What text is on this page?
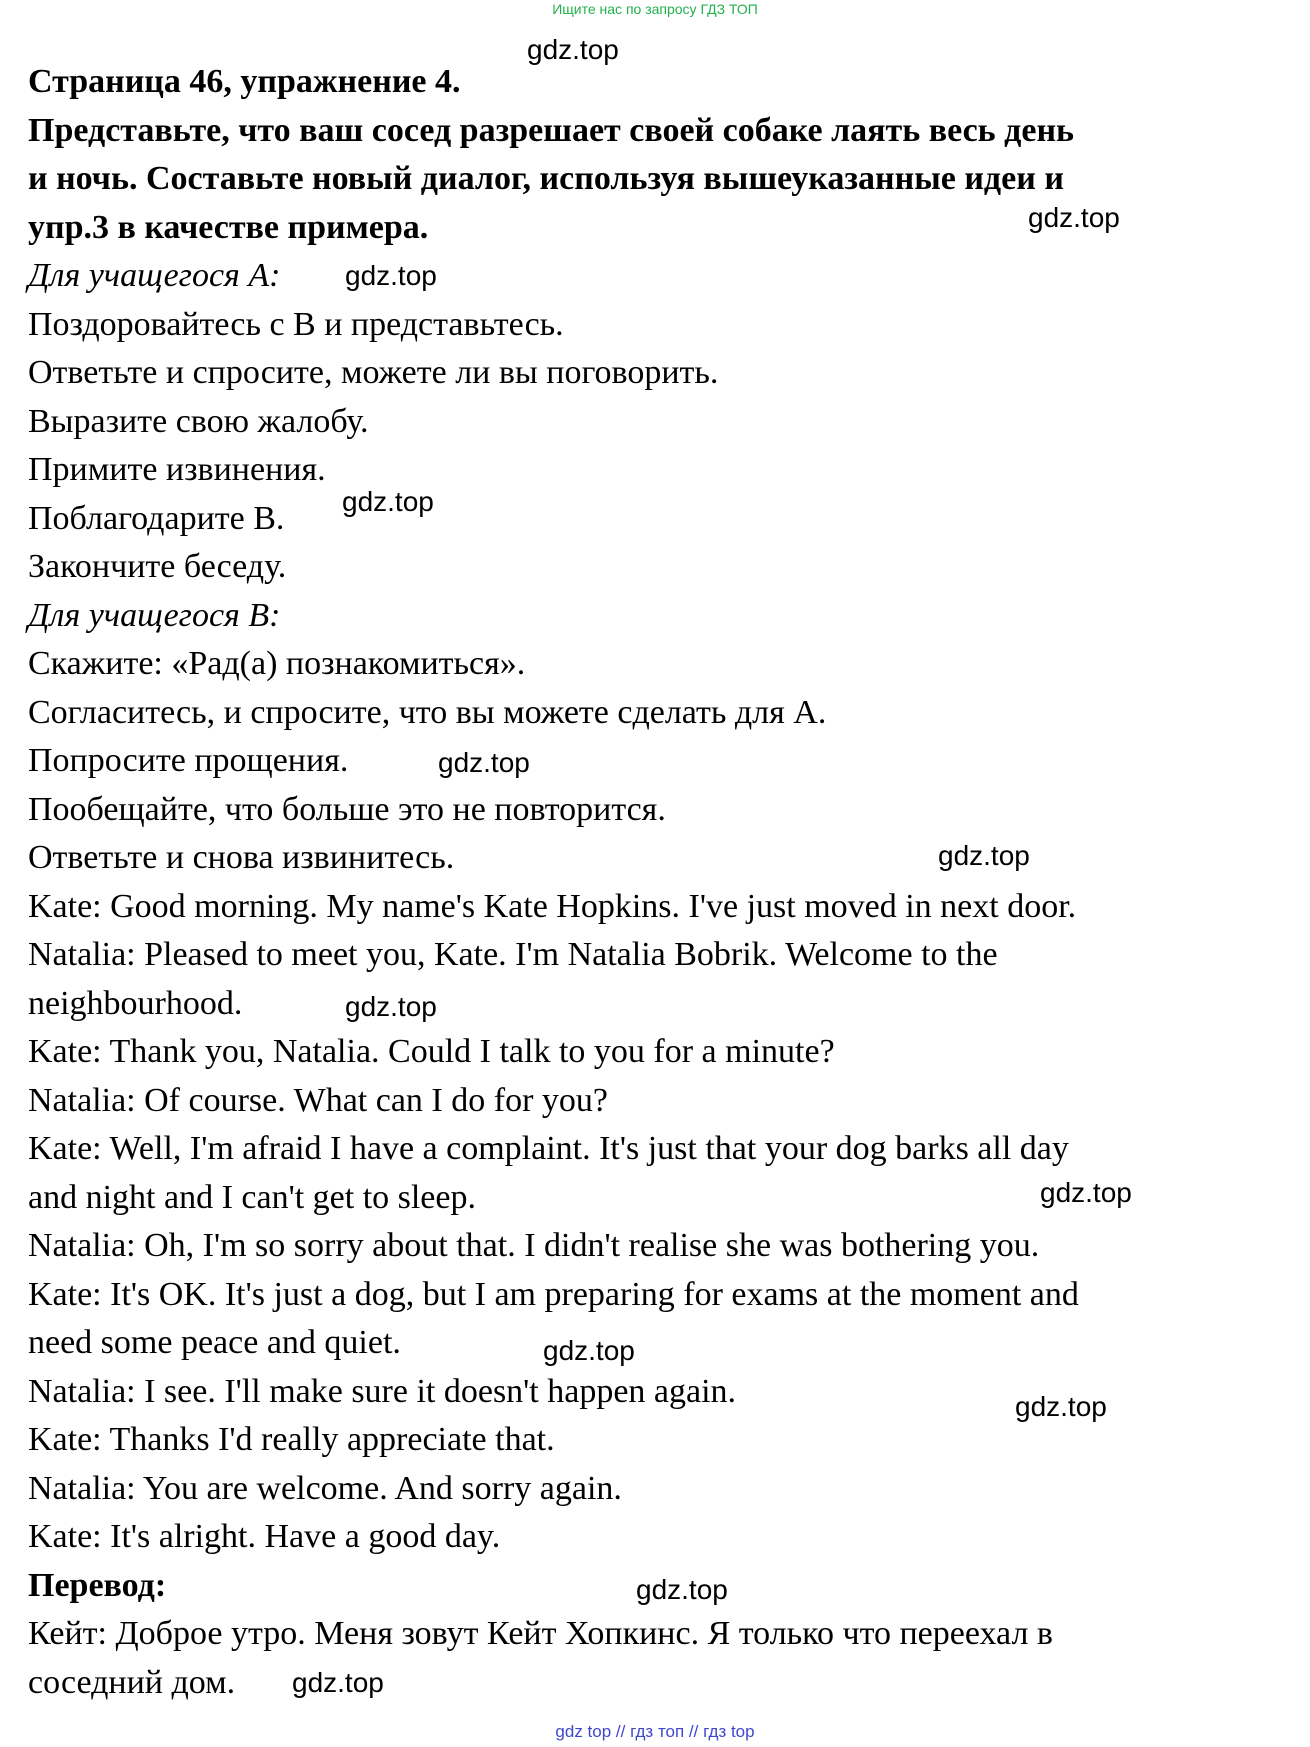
Ищите нас по запросу ГДЗ ТОП
Страница 46, упражнение 4.
Представьте, что ваш сосед разрешает своей собаке лаять весь день
и ночь. Составьте новый диалог, используя вышеуказанные идеи и
упр.3 в качестве примера.
Для учащегося A:
Поздоровайтесь с B и представьтесь.
Ответьте и спросите, можете ли вы поговорить.
Выразите свою жалобу.
Примите извинения.
Поблагодарите B.
Закончите беседу.
Для учащегося B:
Скажите: «Рад(а) познакомиться».
Согласитесь, и спросите, что вы можете сделать для A.
Попросите прощения.
Пообещайте, что больше это не повторится.
Ответьте и снова извинитесь.
Kate: Good morning. My name's Kate Hopkins. I've just moved in next door.
Natalia: Pleased to meet you, Kate. I'm Natalia Bobrik. Welcome to the
neighbourhood.
Kate: Thank you, Natalia. Could I talk to you for a minute?
Natalia: Of course. What can I do for you?
Kate: Well, I'm afraid I have a complaint. It's just that your dog barks all day
and night and I can't get to sleep.
Natalia: Oh, I'm so sorry about that. I didn't realise she was bothering you.
Kate: It's OK. It's just a dog, but I am preparing for exams at the moment and
need some peace and quiet.
Natalia: I see. I'll make sure it doesn't happen again.
Kate: Thanks I'd really appreciate that.
Natalia: You are welcome. And sorry again.
Kate: It's alright. Have a good day.
Перевод:
Кейт: Доброе утро. Меня зовут Кейт Хопкинс. Я только что переехал в
соседний дом.
gdz.top
gdz.top
gdz.top
gdz.top
gdz.top
gdz.top
gdz.top
gdz.top
gdz.top
gdz.top
gdz.top
gdz.top
gdz top // гдз топ // гдз top
